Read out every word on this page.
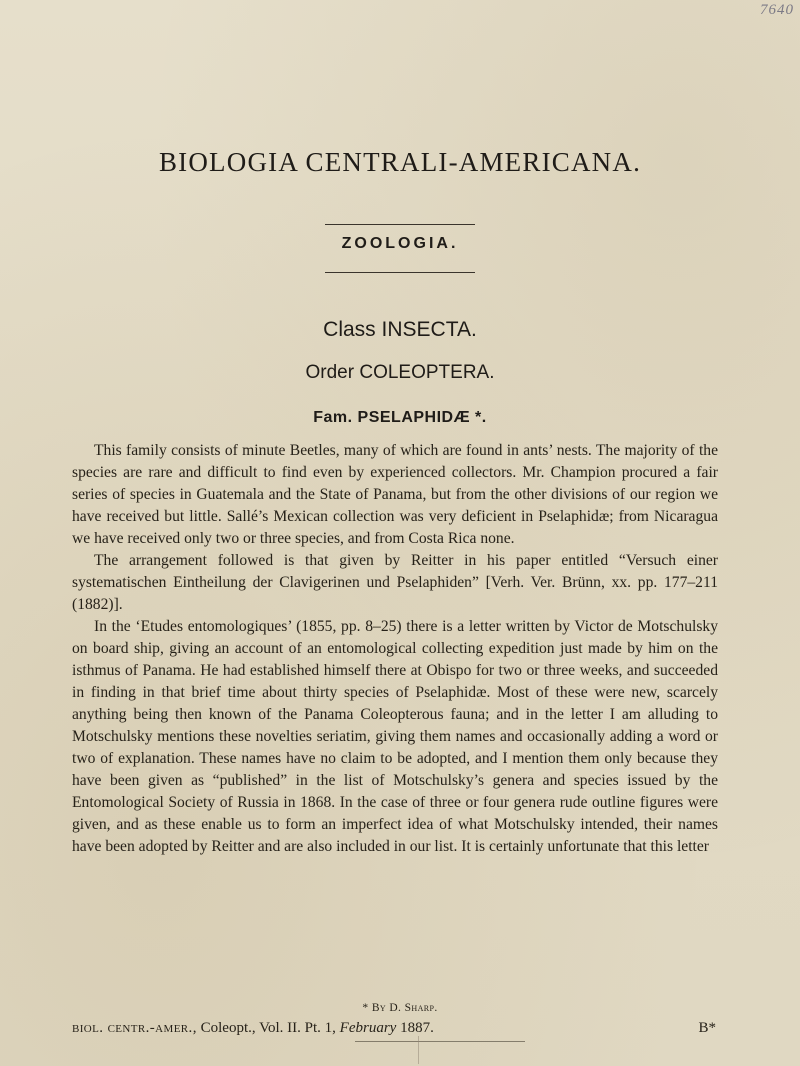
7640
BIOLOGIA CENTRALI-AMERICANA.
ZOOLOGIA.
Class INSECTA.
Order COLEOPTERA.
Fam. PSELAPHIDÆ *.

This family consists of minute Beetles, many of which are found in ants’ nests. The majority of the species are rare and difficult to find even by experienced collectors. Mr. Champion procured a fair series of species in Guatemala and the State of Panama, but from the other divisions of our region we have received but little. Sallé’s Mexican collection was very deficient in Pselaphidæ; from Nicaragua we have received only two or three species, and from Costa Rica none.

The arrangement followed is that given by Reitter in his paper entitled “Versuch einer systematischen Eintheilung der Clavigerinen und Pselaphiden” [Verh. Ver. Brünn, xx. pp. 177–211 (1882)].

In the ‘Etudes entomologiques’ (1855, pp. 8–25) there is a letter written by Victor de Motschulsky on board ship, giving an account of an entomological collecting expedition just made by him on the isthmus of Panama. He had established himself there at Obispo for two or three weeks, and succeeded in finding in that brief time about thirty species of Pselaphidæ. Most of these were new, scarcely anything being then known of the Panama Coleopterous fauna; and in the letter I am alluding to Motschulsky mentions these novelties seriatim, giving them names and occasionally adding a word or two of explanation. These names have no claim to be adopted, and I mention them only because they have been given as “published” in the list of Motschulsky’s genera and species issued by the Entomological Society of Russia in 1868. In the case of three or four genera rude outline figures were given, and as these enable us to form an imperfect idea of what Motschulsky intended, their names have been adopted by Reitter and are also included in our list. It is certainly unfortunate that this letter

* By D. Sharp.
biol. centr.-amer., Coleopt., Vol. II. Pt. 1, February 1887.	B*
